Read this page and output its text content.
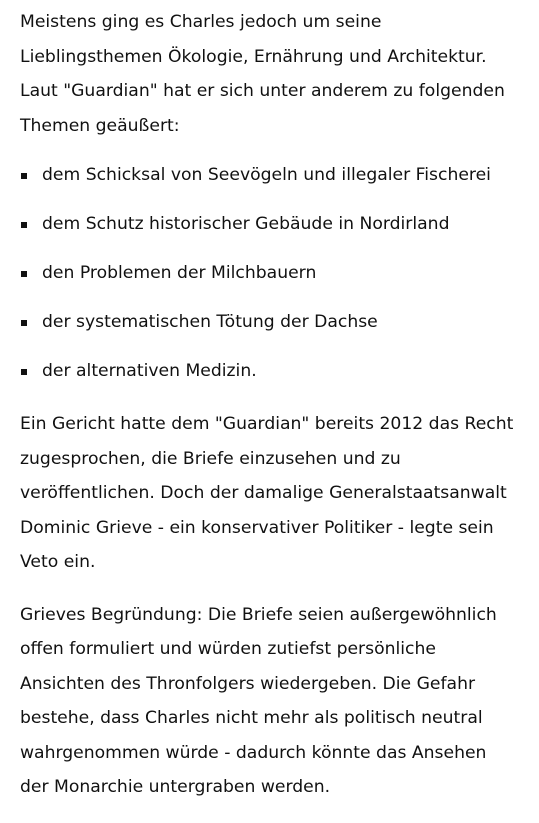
Meistens ging es Charles jedoch um seine
Lieblingsthemen Ökologie, Ernährung und Architektur.
Laut "Guardian" hat er sich unter anderem zu folgenden
Themen geäußert:

dem Schicksal von Seevögeln und illegaler Fischerei
dem Schutz historischer Gebäude in Nordirland
den Problemen der Milchbauern
der systematischen Tötung der Dachse
der alternativen Medizin.

Ein Gericht hatte dem "Guardian" bereits 2012 das Recht
zugesprochen, die Briefe einzusehen und zu
veröffentlichen. Doch der damalige Generalstaatsanwalt
Dominic Grieve - ein konservativer Politiker - legte sein
Veto ein.

Grieves Begründung: Die Briefe seien außergewöhnlich
offen formuliert und würden zutiefst persönliche
Ansichten des Thronfolgers wiedergeben. Die Gefahr
bestehe, dass Charles nicht mehr als politisch neutral
wahrgenommen würde - dadurch könnte das Ansehen
der Monarchie untergraben werden.
